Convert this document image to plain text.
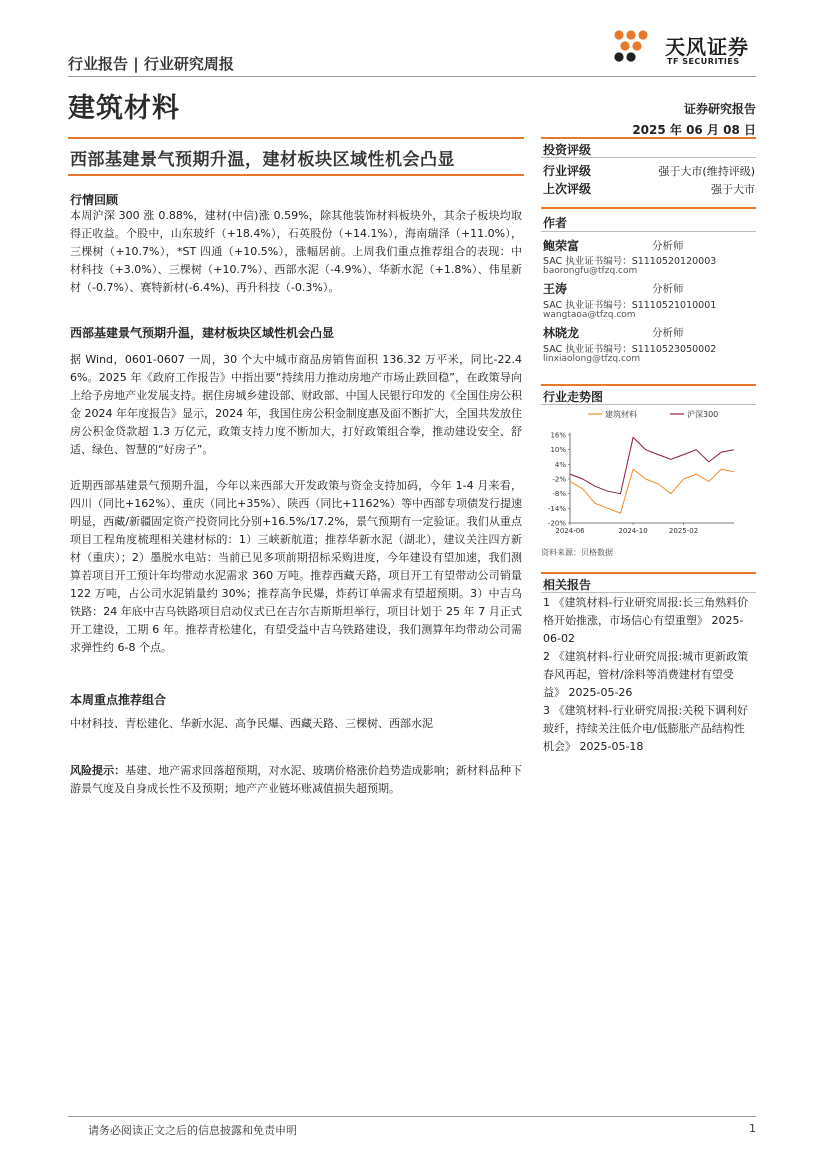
行业报告 | 行业研究周报
建筑材料
天风证券
TF SECURITIES
证券研究报告
2025 年 06 月 08 日
西部基建景气预期升温，建材板块区域性机会凸显
行情回顾
本周沪深 300 涨 0.88%，建材(中信)涨 0.59%，除其他装饰材料板块外，其余子板块均取得正收益。个股中，山东玻纤（+18.4%），石英股份（+14.1%），海南瑞泽（+11.0%），三棵树（+10.7%），*ST 四通（+10.5%），涨幅居前。上周我们重点推荐组合的表现：中材科技（+3.0%）、三棵树（+10.7%）、西部水泥（-4.9%）、华新水泥（+1.8%）、伟星新材（-0.7%）、赛特新材(-6.4%)、再升科技（-0.3%）。
西部基建景气预期升温，建材板块区域性机会凸显
据 Wind，0601-0607 一周，30 个大中城市商品房销售面积 136.32 万平米，同比-22.46%。2025 年《政府工作报告》中指出要“持续用力推动房地产市场止跌回稳”，在政策导向上给予房地产业发展支持。据住房城乡建设部、财政部、中国人民银行印发的《全国住房公积金 2024 年年度报告》显示，2024 年，我国住房公积金制度惠及面不断扩大，全国共发放住房公积金贷款超 1.3 万亿元，政策支持力度不断加大，打好政策组合拳，推动建设安全、舒适、绿色、智慧的“好房子”。
近期西部基建景气预期升温，今年以来西部大开发政策与资金支持加码，今年 1-4 月来看，四川（同比+162%）、重庆（同比+35%）、陕西（同比+1162%）等中西部专项债发行提速明显，西藏/新疆固定资产投资同比分别+16.5%/17.2%，景气预期有一定验证。我们从重点项目工程角度梳理相关建材标的：1）三峡新航道；推荐华新水泥（湖北），建议关注四方新材（重庆）；2）墨脱水电站：当前已见多项前期招标采购进度，今年建设有望加速，我们测算若项目开工预计年均带动水泥需求 360 万吨。推荐西藏天路，项目开工有望带动公司销量 122 万吨，占公司水泥销量约 30%；推荐高争民爆，炸药订单需求有望超预期。3）中吉乌铁路：24 年底中吉乌铁路项目启动仪式已在吉尔吉斯斯坦举行，项目计划于 25 年 7 月正式开工建设，工期 6 年。推荐青松建化，有望受益中吉乌铁路建设，我们测算年均带动公司需求弹性约 6-8 个点。
本周重点推荐组合
中材科技、青松建化、华新水泥、高争民爆、西藏天路、三棵树、西部水泥
风险提示：基建、地产需求回落超预期，对水泥、玻璃价格涨价趋势造成影响；新材料品种下游景气度及自身成长性不及预期；地产产业链坏账减值损失超预期。
投资评级
行业评级	强于大市(维持评级)
上次评级	强于大市
作者
鲍荣富	分析师
SAC 执业证书编号：S1110520120003
baorongfu@tfzq.com
王涛	分析师
SAC 执业证书编号：S1110521010001
wangtaoa@tfzq.com
林晓龙	分析师
SAC 执业证书编号：S1110523050002
linxiaolong@tfzq.com
行业走势图
16%
10%
4%
-2%
-8%
-14%
-20%
2024-06	2024-10	2025-02
建筑材料	沪深300
资料来源：贝格数据
相关报告
1 《建筑材料-行业研究周报:长三角熟料价格开始推涨，市场信心有望重塑》 2025-06-02
2 《建筑材料-行业研究周报:城市更新政策春风再起，管材/涂料等消费建材有望受益》 2025-05-26
3 《建筑材料-行业研究周报:关税下调利好玻纤，持续关注低介电/低膨胀产品结构性机会》 2025-05-18
请务必阅读正文之后的信息披露和免责申明	1
